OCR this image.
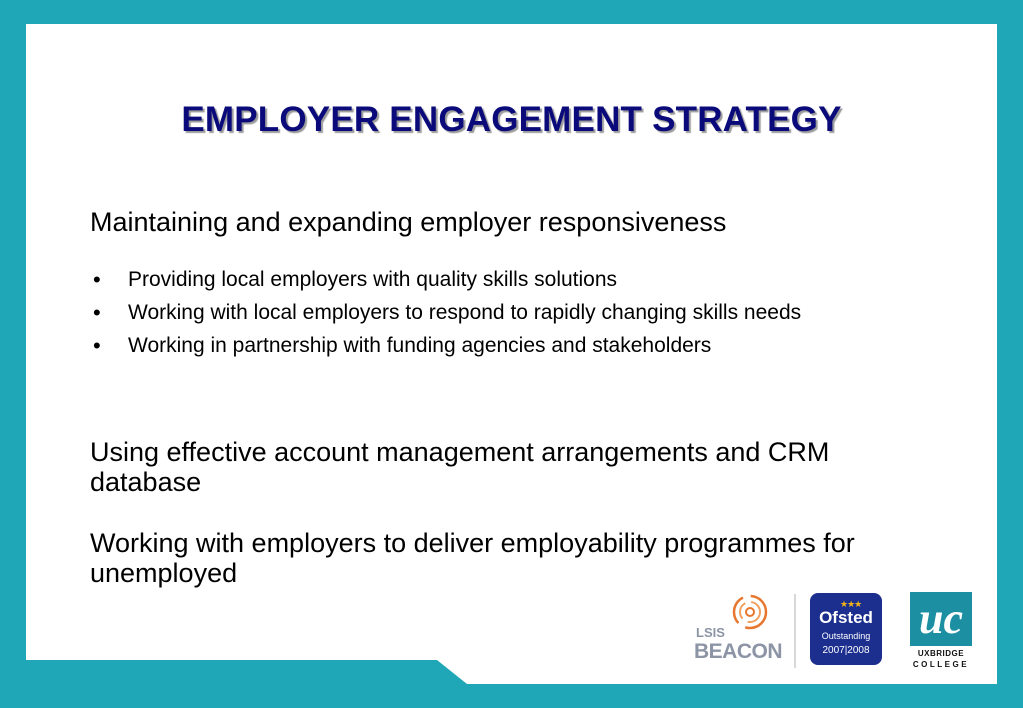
EMPLOYER ENGAGEMENT STRATEGY

Maintaining and expanding employer responsiveness

• Providing local employers with quality skills solutions
• Working with local employers to respond to rapidly changing skills needs
• Working in partnership with funding agencies and stakeholders

Using effective account management arrangements and CRM database

Working with employers to deliver employability programmes for unemployed

LSIS

BEACON

★★★

Ofsted

Outstanding

2007|2008

uc

UXBRIDGE

COLLEGE
